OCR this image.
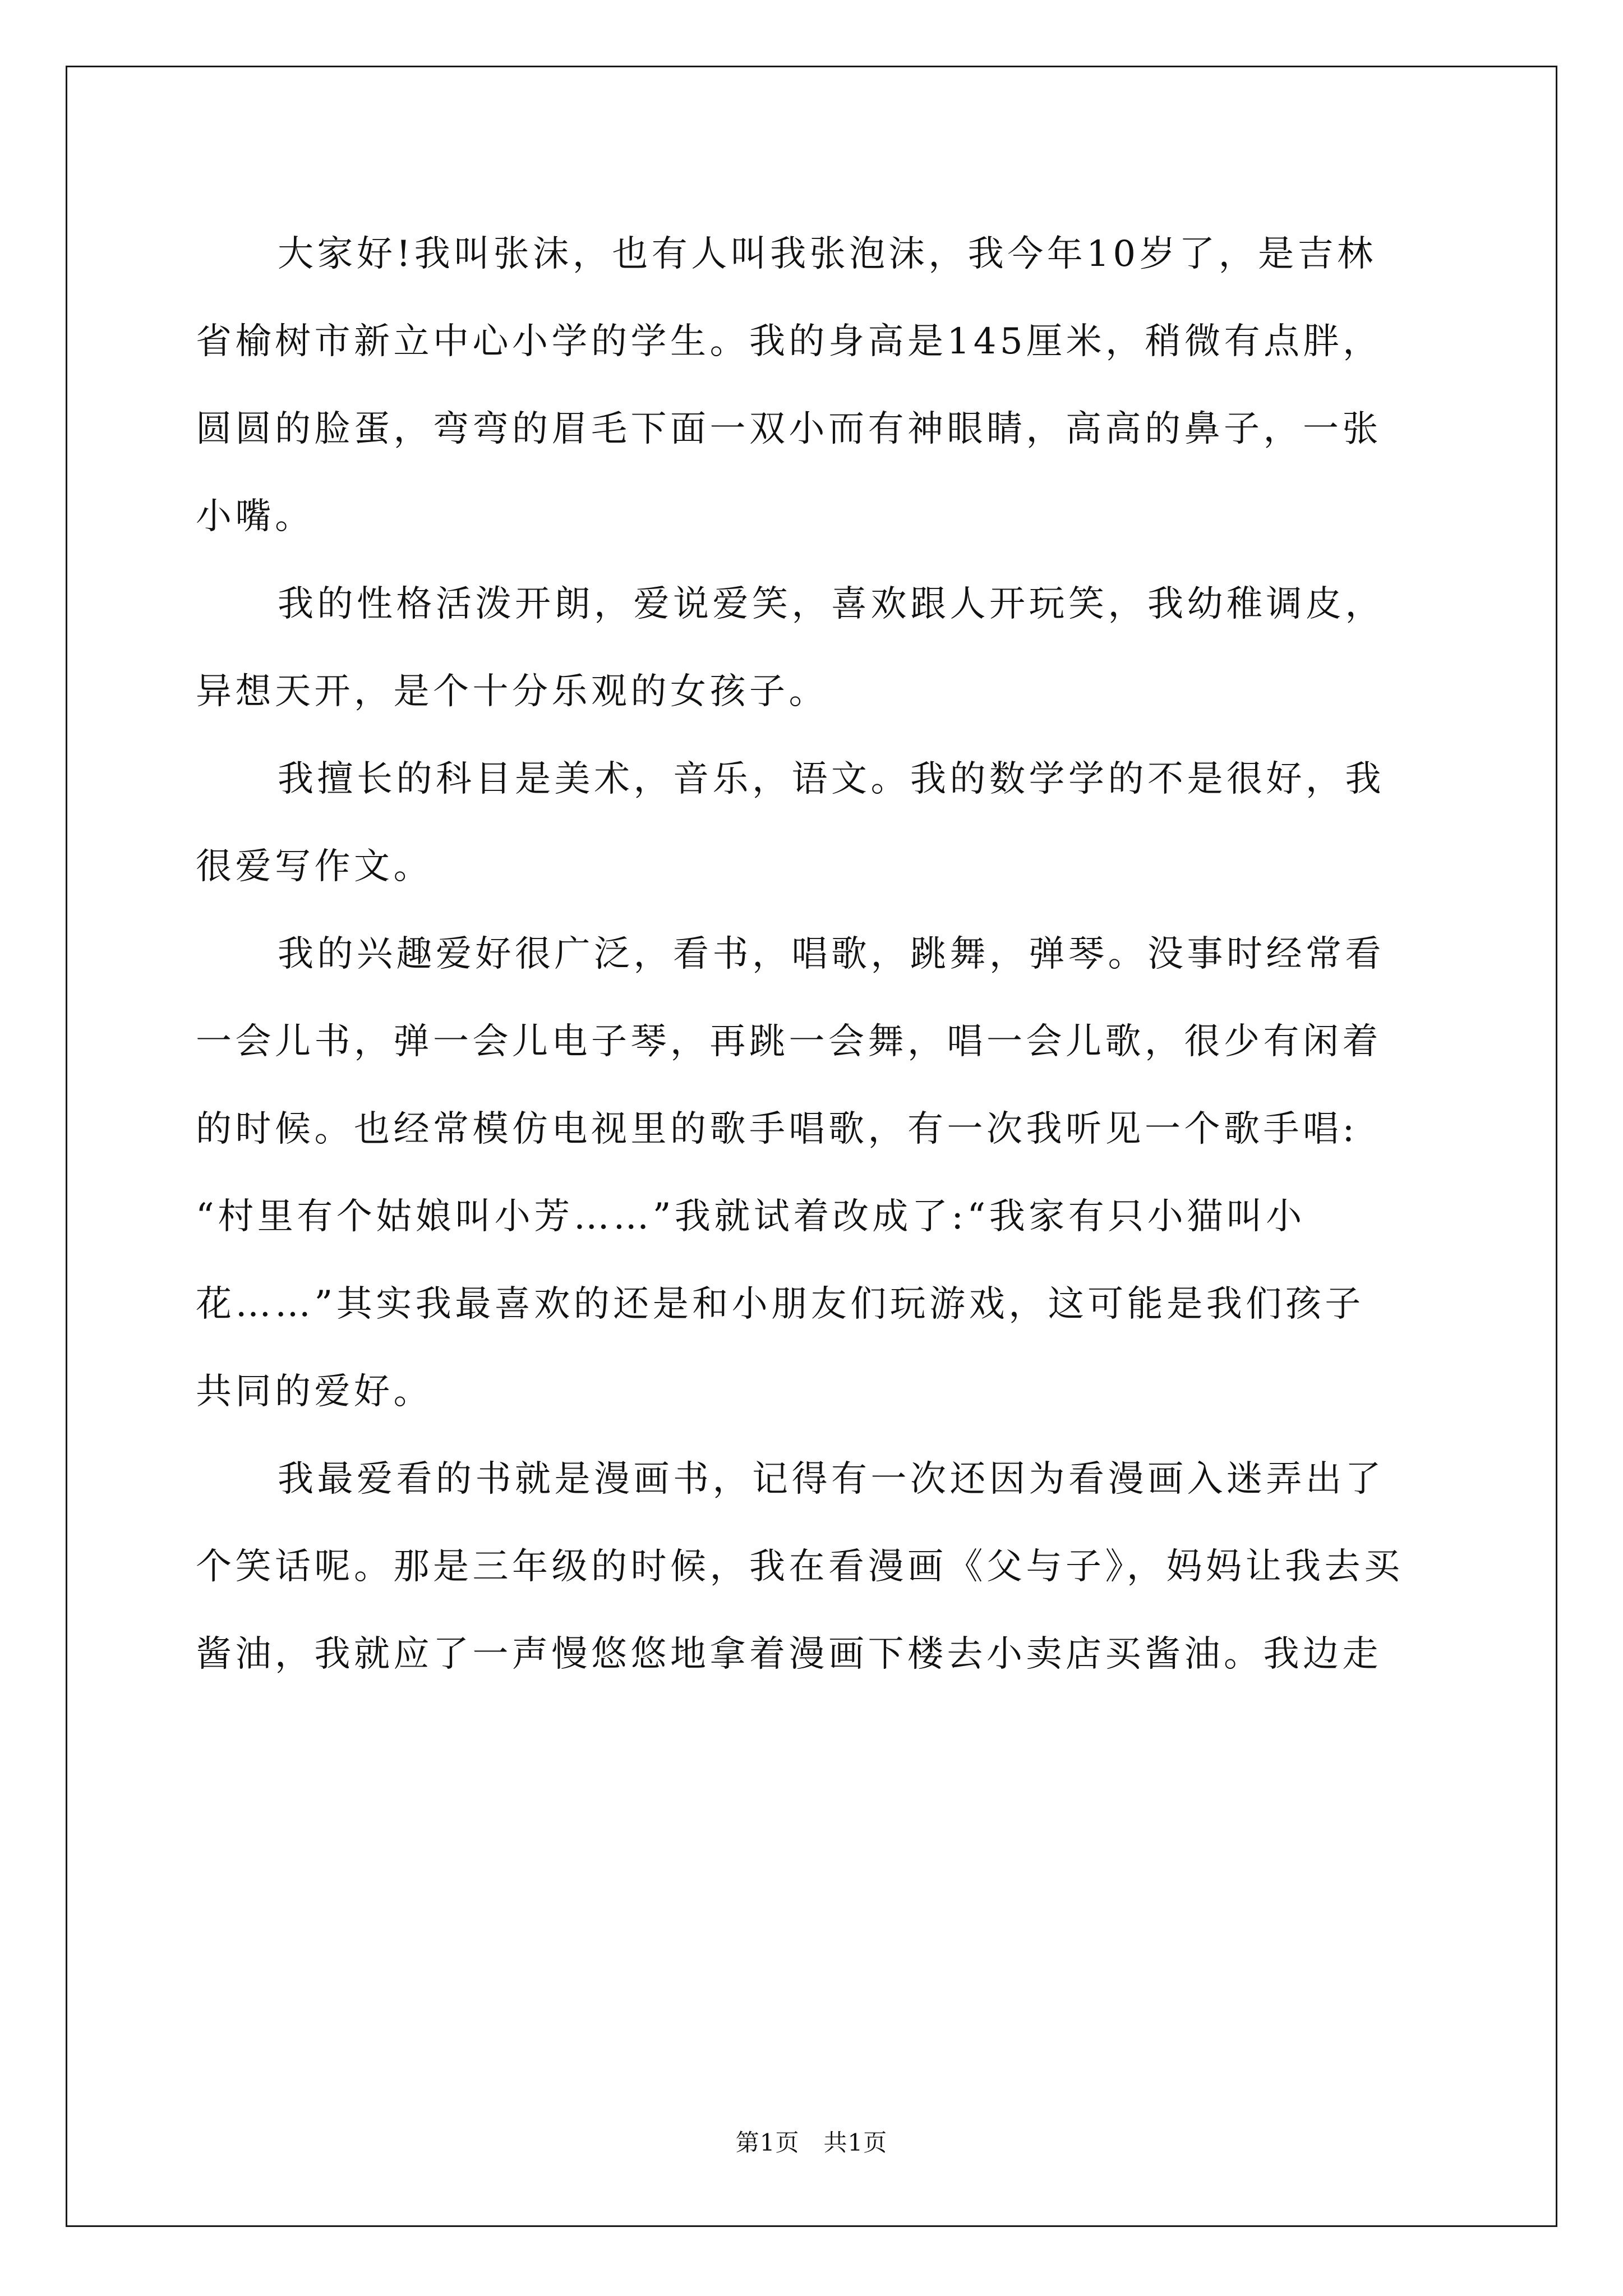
大家好!我叫张沫，也有人叫我张泡沫，我今年10岁了，是吉林
省榆树市新立中心小学的学生。我的身高是145厘米，稍微有点胖，
圆圆的脸蛋，弯弯的眉毛下面一双小而有神眼睛，高高的鼻子，一张
小嘴。
我的性格活泼开朗，爱说爱笑，喜欢跟人开玩笑，我幼稚调皮，
异想天开，是个十分乐观的女孩子。
我擅长的科目是美术，音乐，语文。我的数学学的不是很好，我
很爱写作文。
我的兴趣爱好很广泛，看书，唱歌，跳舞，弹琴。没事时经常看
一会儿书，弹一会儿电子琴，再跳一会舞，唱一会儿歌，很少有闲着
的时候。也经常模仿电视里的歌手唱歌，有一次我听见一个歌手唱:
“村里有个姑娘叫小芳……”我就试着改成了:“我家有只小猫叫小
花……”其实我最喜欢的还是和小朋友们玩游戏，这可能是我们孩子
共同的爱好。
我最爱看的书就是漫画书，记得有一次还因为看漫画入迷弄出了
个笑话呢。那是三年级的时候，我在看漫画《父与子》，妈妈让我去买
酱油，我就应了一声慢悠悠地拿着漫画下楼去小卖店买酱油。我边走
第1页　共1页
